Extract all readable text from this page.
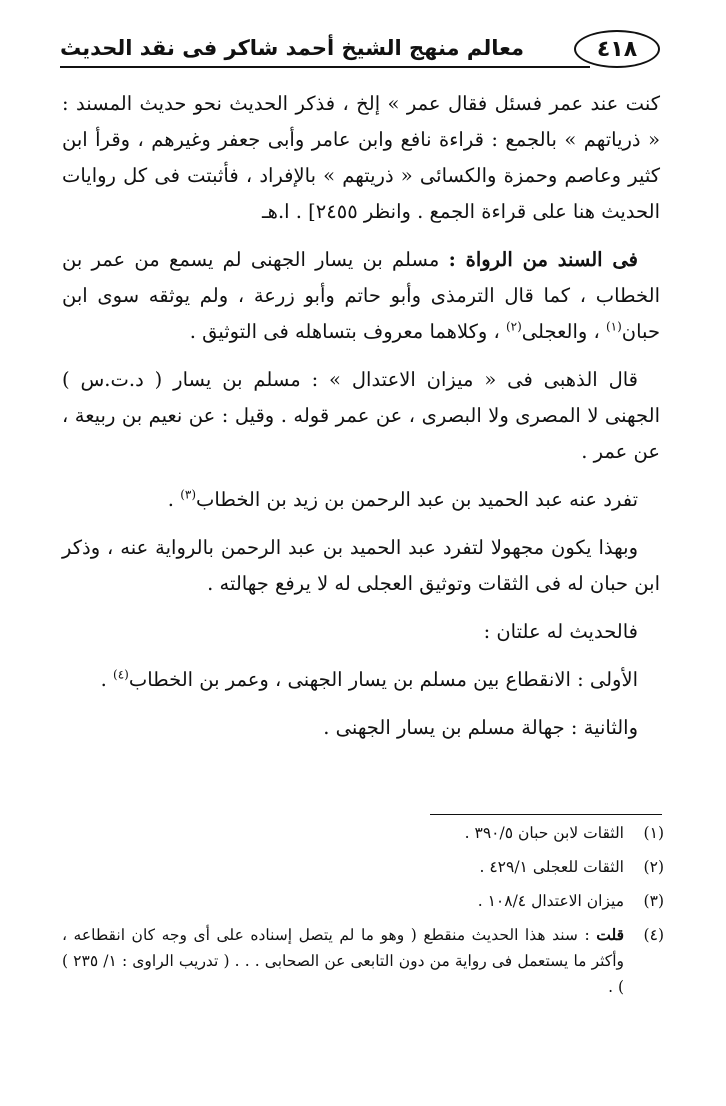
معالم منهج الشيخ أحمد شاكر فى نقد الحديث	٤١٨

كنت عند عمر فسئل فقال عمر » إلخ ، فذكر الحديث نحو حديث المسند : « ذرياتهم » بالجمع : قراءة نافع وابن عامر وأبى جعفر وغيرهم ، وقرأ ابن كثير وعاصم وحمزة والكسائى « ذريتهم » بالإفراد ، فأثبتت فى كل روايات الحديث هنا على قراءة الجمع . وانظر ٢٤٥٥] . ا.هـ

فى السند من الرواة : مسلم بن يسار الجهنى لم يسمع من عمر بن الخطاب ، كما قال الترمذى وأبو حاتم وأبو زرعة ، ولم يوثقه سوى ابن حبان$^{(١)}$ ، والعجلى$^{(٢)}$ ، وكلاهما معروف بتساهله فى التوثيق .

قال الذهبى فى « ميزان الاعتدال » : مسلم بن يسار ( د.ت.س ) الجهنى لا المصرى ولا البصرى ، عن عمر قوله . وقيل : عن نعيم بن ربيعة ، عن عمر .

تفرد عنه عبد الحميد بن عبد الرحمن بن زيد بن الخطاب$^{(٣)}$ .

وبهذا يكون مجهولا لتفرد عبد الحميد بن عبد الرحمن بالرواية عنه ، وذكر ابن حبان له فى الثقات وتوثيق العجلى له لا يرفع جهالته .

فالحديث له علتان :

الأولى : الانقطاع بين مسلم بن يسار الجهنى ، وعمر بن الخطاب$^{(٤)}$ .

والثانية : جهالة مسلم بن يسار الجهنى .

(١)
الثقات لابن حبان ٣٩٠/٥ .
(٢)
الثقات للعجلى ٤٢٩/١ .
(٣)
ميزان الاعتدال ١٠٨/٤ .
(٤)
قلت : سند هذا الحديث منقطع ( وهو ما لم يتصل إسناده على أى وجه كان انقطاعه ، وأكثر ما يستعمل فى رواية من دون التابعى عن الصحابى . . . ( تدريب الراوى : ١/ ٢٣٥ ) ) .
